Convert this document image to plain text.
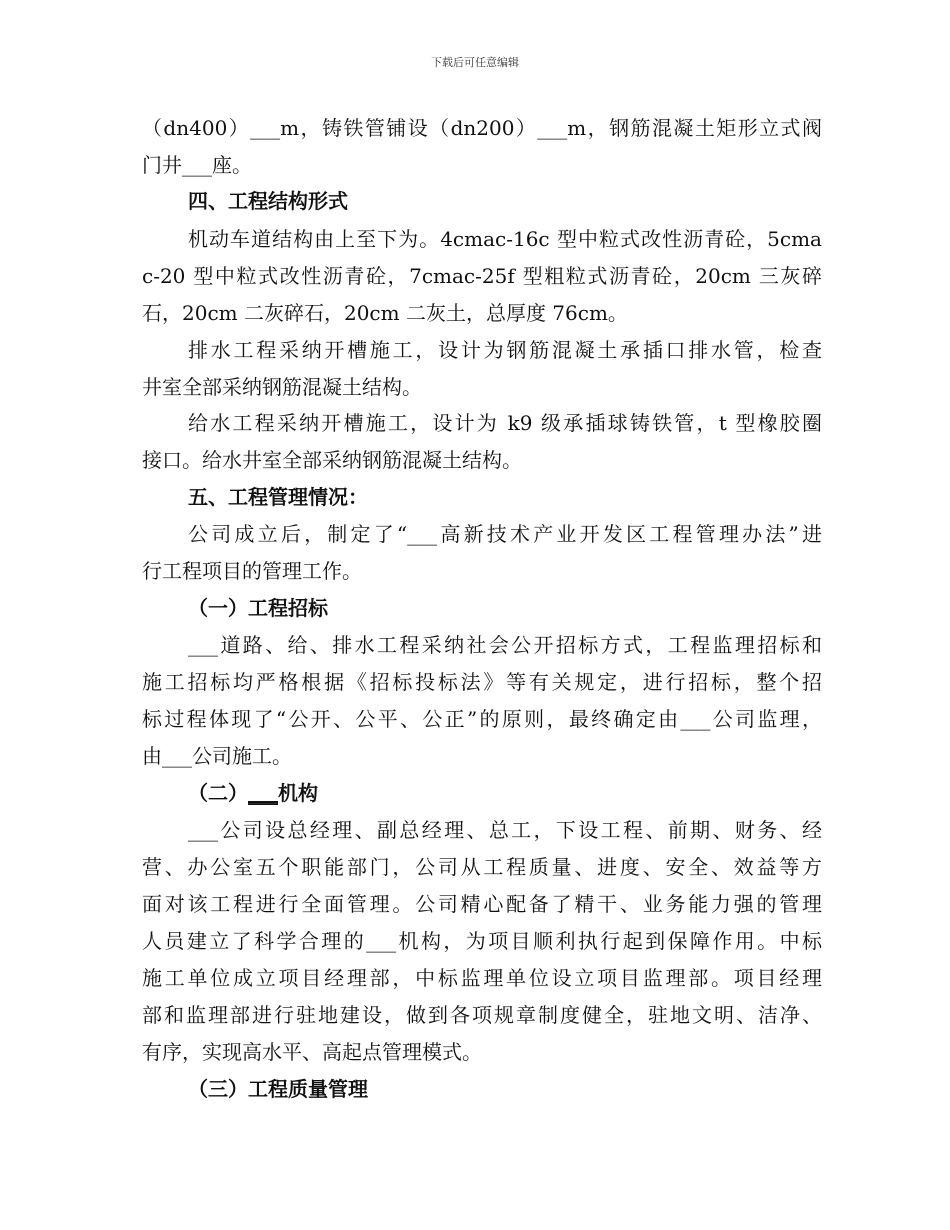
下载后可任意编辑
（dn400）___m，铸铁管铺设（dn200）___m，钢筋混凝土矩形立式阀
门井___座。
四、工程结构形式
机动车道结构由上至下为。4cmac-16c 型中粒式改性沥青砼，5cma
c-20 型中粒式改性沥青砼，7cmac-25f 型粗粒式沥青砼，20cm 三灰碎
石，20cm 二灰碎石，20cm 二灰土，总厚度 76cm。
排水工程采纳开槽施工，设计为钢筋混凝土承插口排水管，检查
井室全部采纳钢筋混凝土结构。
给水工程采纳开槽施工，设计为 k9 级承插球铸铁管，t 型橡胶圈
接口。给水井室全部采纳钢筋混凝土结构。
五、工程管理情况：
公司成立后，制定了“___高新技术产业开发区工程管理办法”进
行工程项目的管理工作。
（一）工程招标
___道路、给、排水工程采纳社会公开招标方式，工程监理招标和
施工招标均严格根据《招标投标法》等有关规定，进行招标，整个招
标过程体现了“公开、公平、公正”的原则，最终确定由___公司监理，
由___公司施工。
（二）___机构
___公司设总经理、副总经理、总工，下设工程、前期、财务、经
营、办公室五个职能部门，公司从工程质量、进度、安全、效益等方
面对该工程进行全面管理。公司精心配备了精干、业务能力强的管理
人员建立了科学合理的___机构，为项目顺利执行起到保障作用。中标
施工单位成立项目经理部，中标监理单位设立项目监理部。项目经理
部和监理部进行驻地建设，做到各项规章制度健全，驻地文明、洁净、
有序，实现高水平、高起点管理模式。
（三）工程质量管理
